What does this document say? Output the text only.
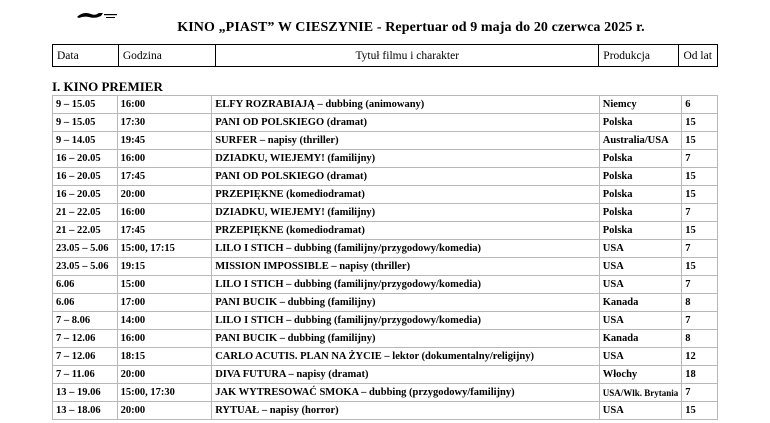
KINO „PIAST” W CIESZYNIE - Repertuar od 9 maja do 20 czerwca 2025 r.
Data	Godzina	Tytuł filmu i charakter	Produkcja	Od lat
I. KINO PREMIER
9 – 15.05	16:00	ELFY ROZRABIAJĄ – dubbing (animowany)	Niemcy	6
9 – 15.05	17:30	PANI OD POLSKIEGO (dramat)	Polska	15
9 – 14.05	19:45	SURFER – napisy (thriller)	Australia/USA	15
16 – 20.05	16:00	DZIADKU, WIEJEMY! (familijny)	Polska	7
16 – 20.05	17:45	PANI OD POLSKIEGO (dramat)	Polska	15
16 – 20.05	20:00	PRZEPIĘKNE (komediodramat)	Polska	15
21 – 22.05	16:00	DZIADKU, WIEJEMY! (familijny)	Polska	7
21 – 22.05	17:45	PRZEPIĘKNE (komediodramat)	Polska	15
23.05 – 5.06	15:00, 17:15	LILO I STICH – dubbing (familijny/przygodowy/komedia)	USA	7
23.05 – 5.06	19:15	MISSION IMPOSSIBLE – napisy (thriller)	USA	15
6.06	15:00	LILO I STICH – dubbing (familijny/przygodowy/komedia)	USA	7
6.06	17:00	PANI BUCIK – dubbing (familijny)	Kanada	8
7 – 8.06	14:00	LILO I STICH – dubbing (familijny/przygodowy/komedia)	USA	7
7 – 12.06	16:00	PANI BUCIK – dubbing (familijny)	Kanada	8
7 – 12.06	18:15	CARLO ACUTIS. PLAN NA ŻYCIE – lektor (dokumentalny/religijny)	USA	12
7 – 11.06	20:00	DIVA FUTURA – napisy (dramat)	Włochy	18
13 – 19.06	15:00, 17:30	JAK WYTRESOWAĆ SMOKA – dubbing (przygodowy/familijny)	USA/Wlk. Brytania	7
13 – 18.06	20:00	RYTUAŁ – napisy (horror)	USA	15
